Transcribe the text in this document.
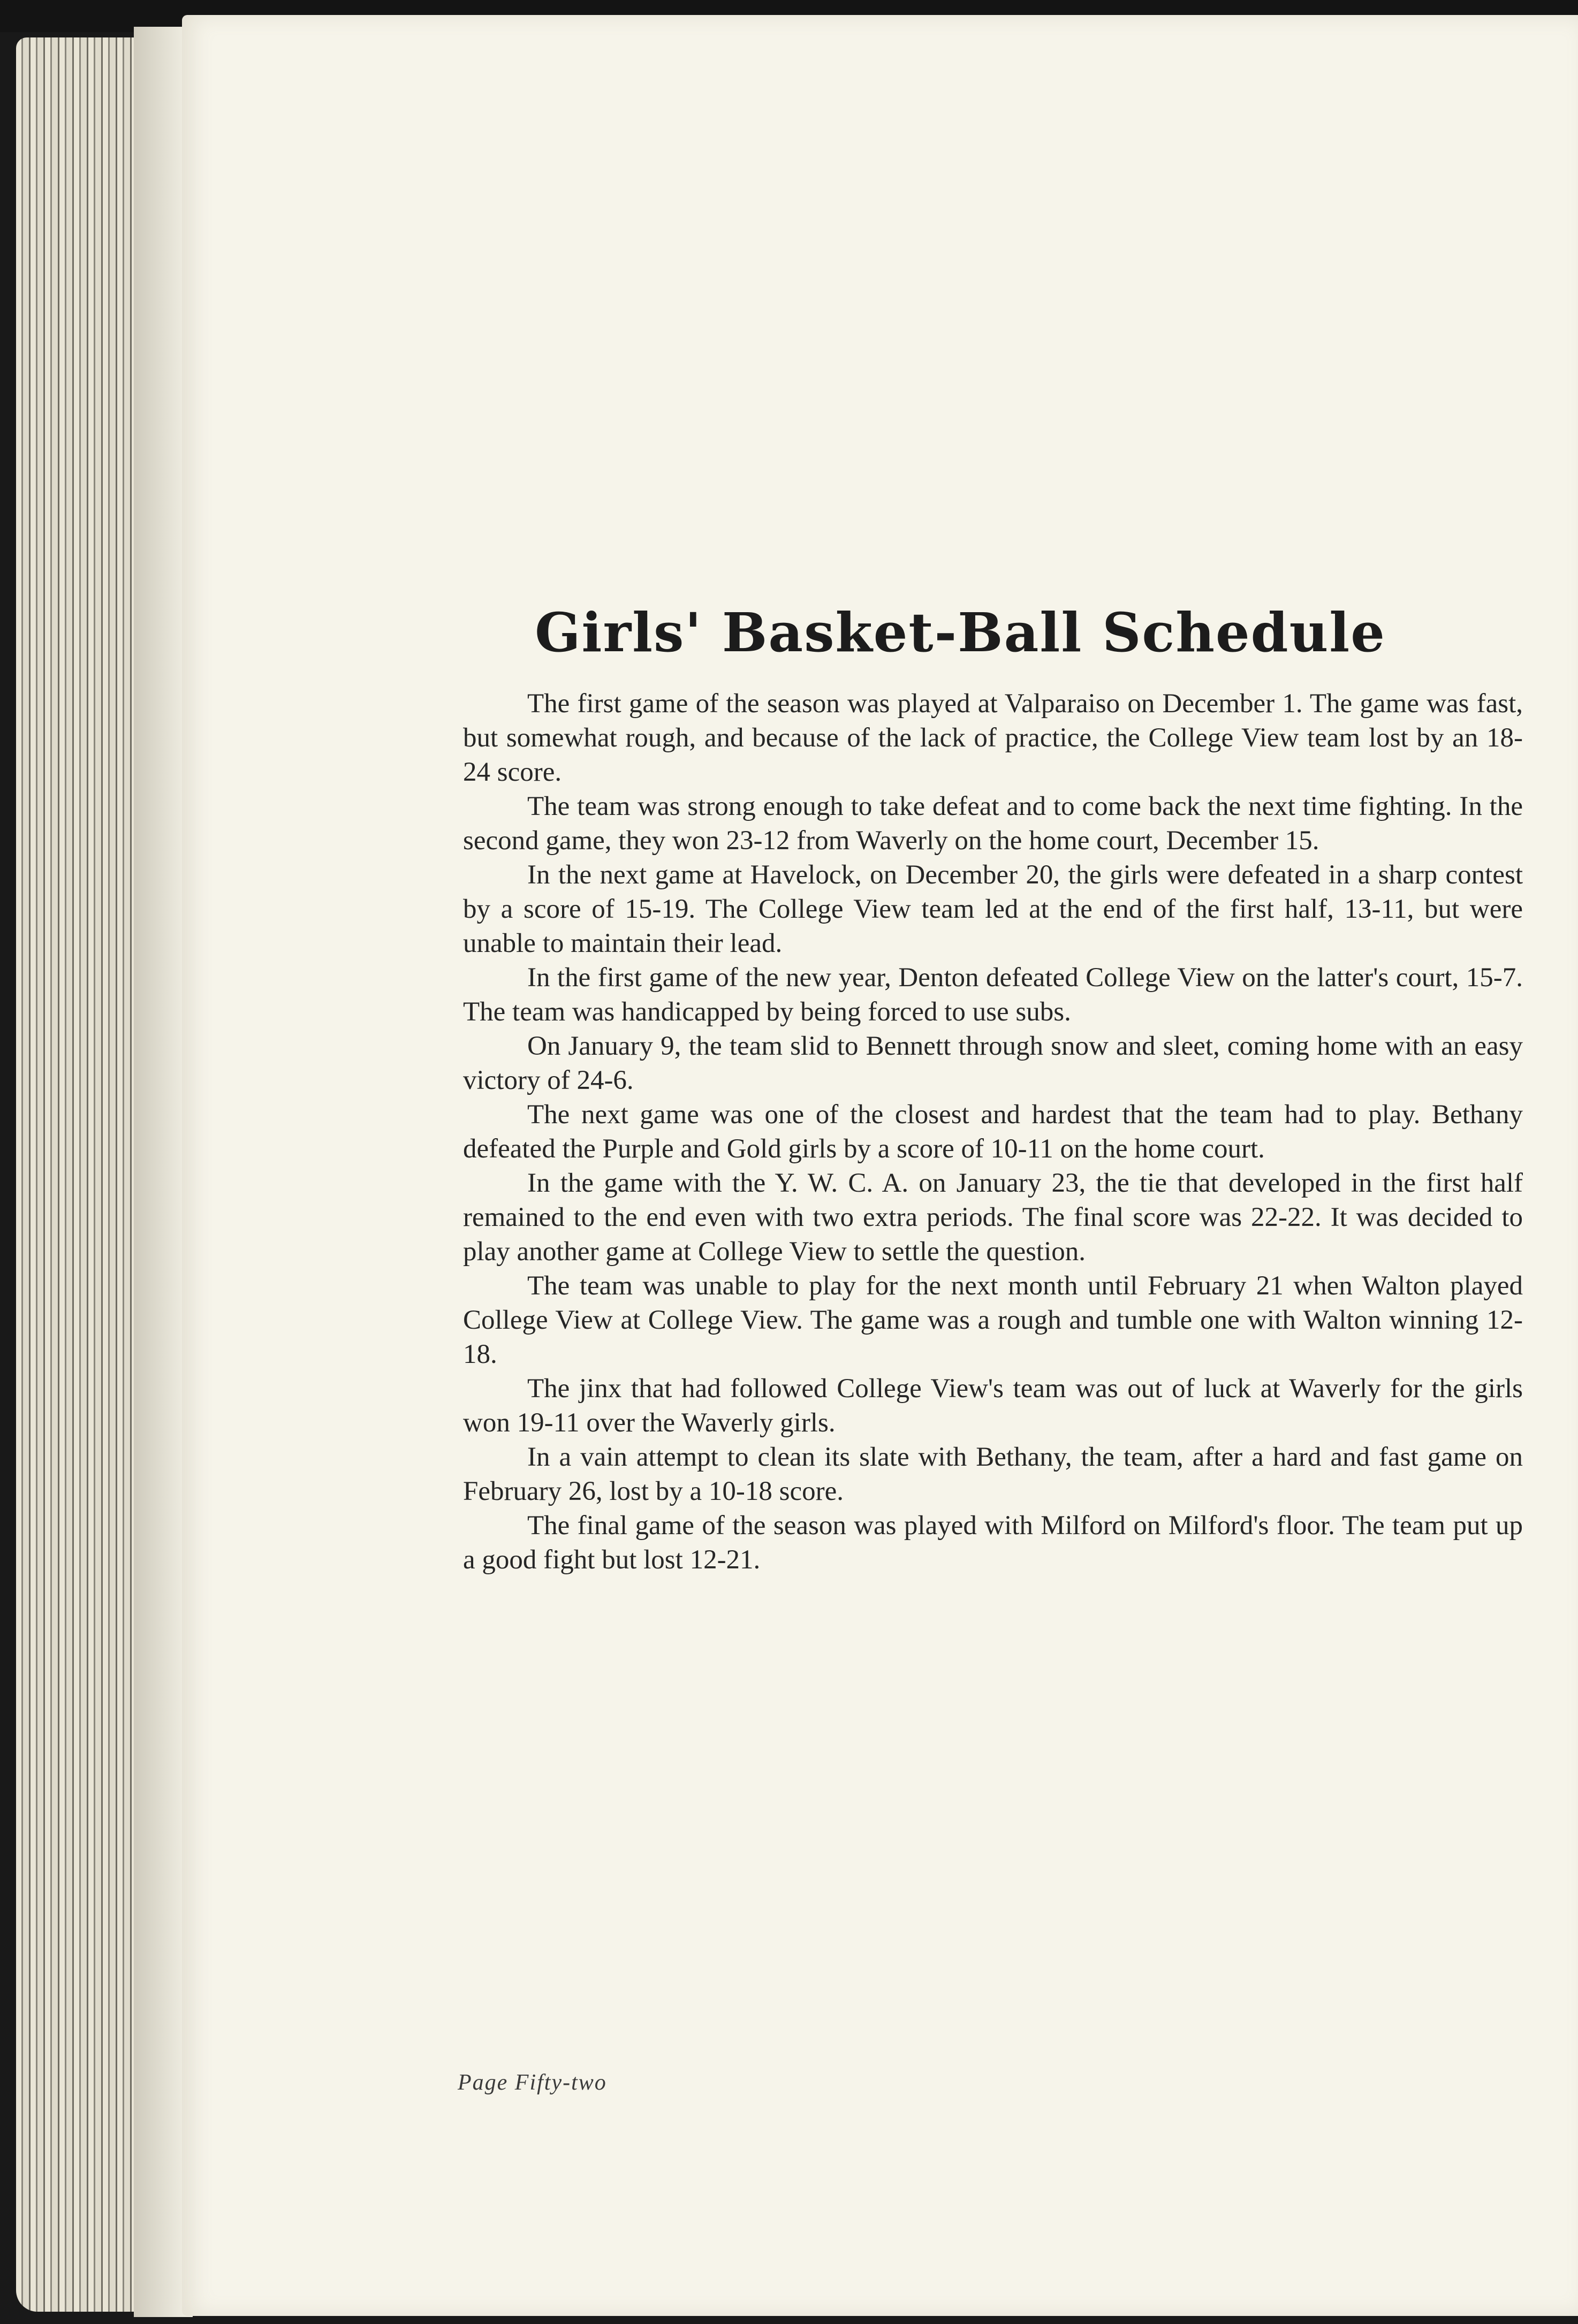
Girls' Basket-Ball Schedule

The first game of the season was played at Valparaiso on December 1. The game was fast, but somewhat rough, and because of the lack of practice, the College View team lost by an 18-24 score.

The team was strong enough to take defeat and to come back the next time fighting. In the second game, they won 23-12 from Waverly on the home court, December 15.

In the next game at Havelock, on December 20, the girls were defeated in a sharp contest by a score of 15-19. The College View team led at the end of the first half, 13-11, but were unable to maintain their lead.

In the first game of the new year, Denton defeated College View on the latter's court, 15-7. The team was handicapped by being forced to use subs.

On January 9, the team slid to Bennett through snow and sleet, coming home with an easy victory of 24-6.

The next game was one of the closest and hardest that the team had to play. Bethany defeated the Purple and Gold girls by a score of 10-11 on the home court.

In the game with the Y. W. C. A. on January 23, the tie that developed in the first half remained to the end even with two extra periods. The final score was 22-22. It was decided to play another game at College View to settle the question.

The team was unable to play for the next month until February 21 when Walton played College View at College View. The game was a rough and tumble one with Walton winning 12-18.

The jinx that had followed College View's team was out of luck at Waverly for the girls won 19-11 over the Waverly girls.

In a vain attempt to clean its slate with Bethany, the team, after a hard and fast game on February 26, lost by a 10-18 score.

The final game of the season was played with Milford on Milford's floor. The team put up a good fight but lost 12-21.

Page Fifty-two
